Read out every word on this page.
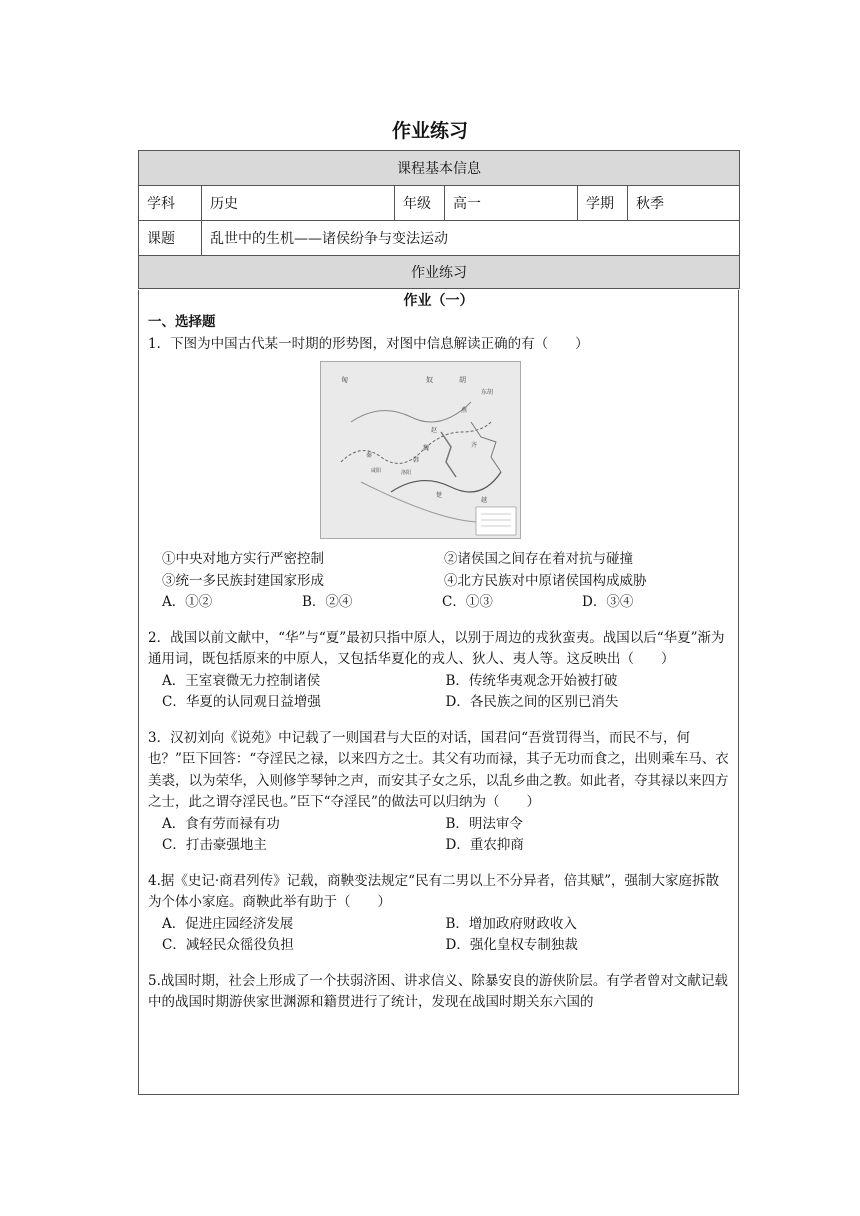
作业练习
课程基本信息					
学科	历史	年级	高一	学期	秋季
课题	乱世中的生机——诸侯纷争与变法运动				
作业练习					
作业（一）
一、选择题
1．下图为中国古代某一时期的形势图，对图中信息解读正确的有（　　）
匈	奴	胡
东胡
秦
燕
赵
魏
韩
齐
楚
洛阳
咸阳
越
①中央对地方实行严密控制	②诸侯国之间存在着对抗与碰撞
③统一多民族封建国家形成	④北方民族对中原诸侯国构成威胁
A．①②	B．②④	C．①③	D．③④
2．战国以前文献中，“华”与“夏”最初只指中原人，以别于周边的戎狄蛮夷。战国以后“华夏”渐为通用词，既包括原来的中原人，又包括华夏化的戎人、狄人、夷人等。这反映出（　　）
A．王室衰微无力控制诸侯	B．传统华夷观念开始被打破
C．华夏的认同观日益增强	D．各民族之间的区别已消失
3．汉初刘向《说苑》中记载了一则国君与大臣的对话，国君问“吾赏罚得当，而民不与，何也？”臣下回答：“夺淫民之禄，以来四方之士。其父有功而禄，其子无功而食之，出则乘车马、衣美裘，以为荣华，入则修竽琴钟之声，而安其子女之乐，以乱乡曲之教。如此者，夺其禄以来四方之士，此之谓夺淫民也。”臣下“夺淫民”的做法可以归纳为（　　）
A．食有劳而禄有功	B．明法审令
C．打击豪强地主	D．重农抑商
4.据《史记·商君列传》记载，商鞅变法规定“民有二男以上不分异者，倍其赋”，强制大家庭拆散为个体小家庭。商鞅此举有助于（　　）
A．促进庄园经济发展	B．增加政府财政收入
C．减轻民众徭役负担	D．强化皇权专制独裁
5.战国时期，社会上形成了一个扶弱济困、讲求信义、除暴安良的游侠阶层。有学者曾对文献记载中的战国时期游侠家世渊源和籍贯进行了统计，发现在战国时期关东六国的
